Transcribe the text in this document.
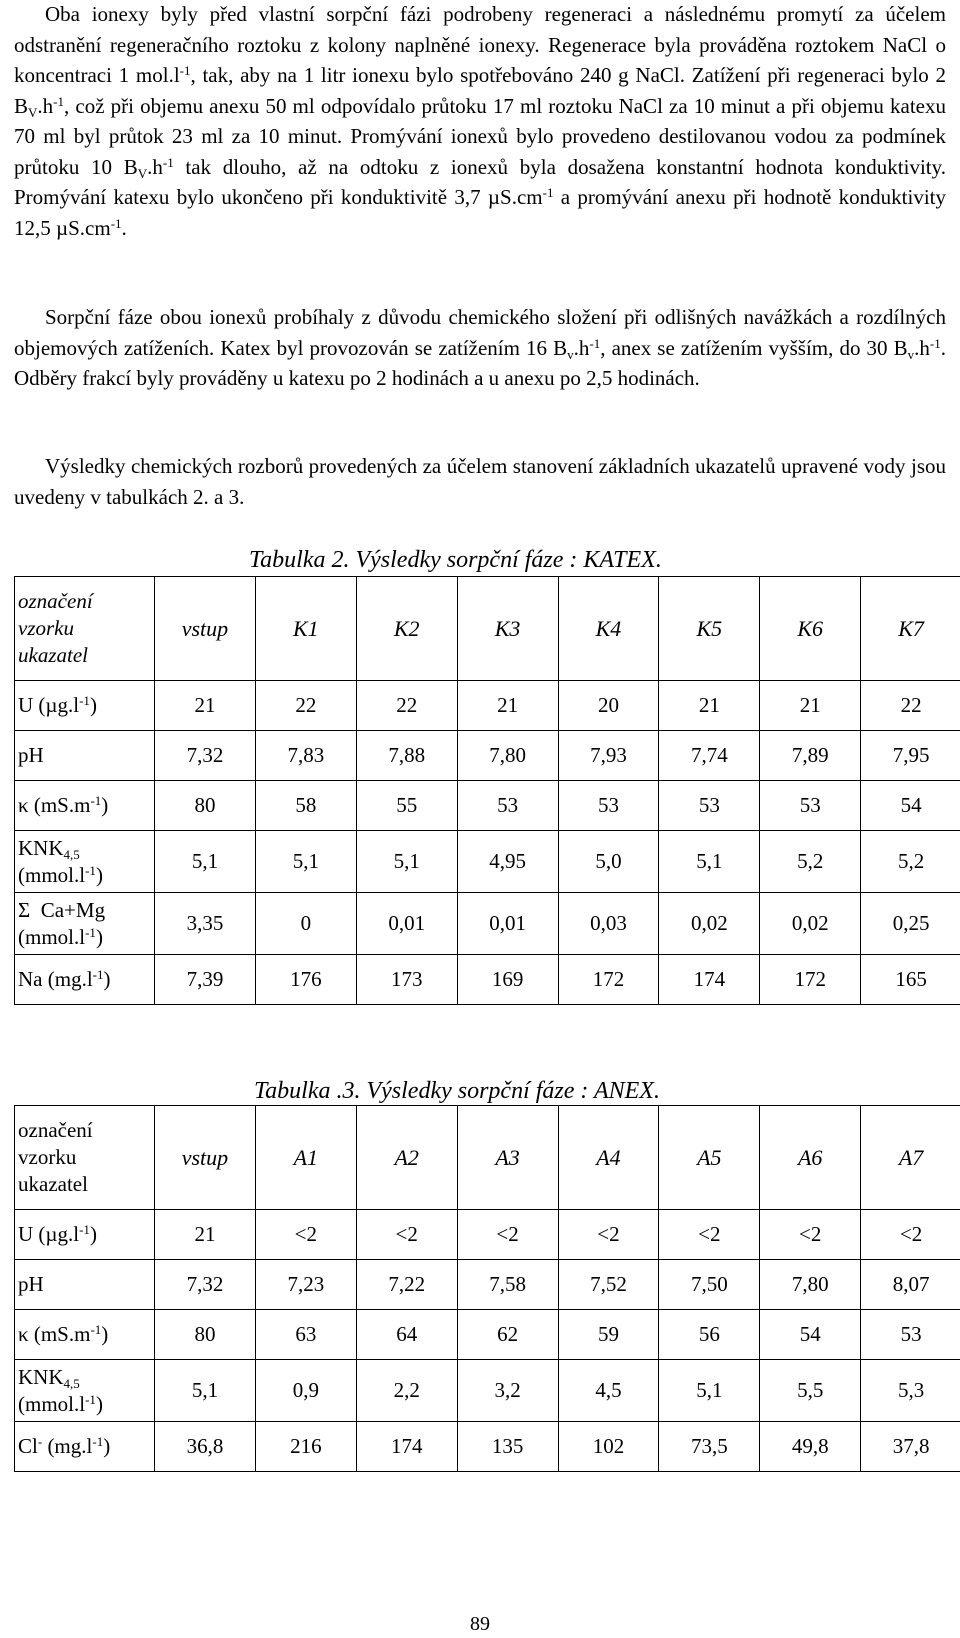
Oba ionexy byly před vlastní sorpční fázi podrobeny regeneraci a následnému promytí za účelem odstranění regeneračního roztoku z kolony naplněné ionexy. Regenerace byla prováděna roztokem NaCl o koncentraci 1 $mol.l^{-1}$, tak, aby na 1 litr ionexu bylo spotřebováno 240 g NaCl. Zatížení při regeneraci bylo 2 $B_V.h^{-1}$, což při objemu anexu 50 ml odpovídalo průtoku 17 ml roztoku NaCl za 10 minut a při objemu katexu 70 ml byl průtok 23 ml za 10 minut. Promývání ionexů bylo provedeno destilovanou vodou za podmínek průtoku 10 $B_V.h^{-1}$ tak dlouho, až na odtoku z ionexů byla dosažena konstantní hodnota konduktivity. Promývání katexu bylo ukončeno při konduktivitě 3,7 $\mu S.cm^{-1}$ a promývání anexu při hodnotě konduktivity 12,5 $\mu S.cm^{-1}$.

Sorpční fáze obou ionexů probíhaly z důvodu chemického složení při odlišných navážkách a rozdílných objemových zatíženích. Katex byl provozován se zatížením 16 $B_v.h^{-1}$, anex se zatížením vyšším, do 30 $B_v.h^{-1}$. Odběry frakcí byly prováděny u katexu po 2 hodinách a u anexu po 2,5 hodinách.

Výsledky chemických rozborů provedených za účelem stanovení základních ukazatelů upravené vody jsou uvedeny v tabulkách 2. a 3.

Tabulka 2. Výsledky sorpční fáze : KATEX.
označení
vzorku
ukazatel	vstup	K1	K2	K3	K4	K5	K6	K7
U $(\mu g.l^{-1})$	21	22	22	21	20	21	21	22
pH	7,32	7,83	7,88	7,80	7,93	7,74	7,89	7,95
κ $(mS.m^{-1})$	80	58	55	53	53	53	53	54

$KNK_{4,5}$
$(mmol.l^{-1})$	5,1	5,1	5,1	4,95	5,0	5,1	5,2	5,2

Σ  Ca+Mg
$(mmol.l^{-1})$	3,35	0	0,01	0,01	0,03	0,02	0,02	0,25
Na $(mg.l^{-1})$	7,39	176	173	169	172	174	172	165
Tabulka .3. Výsledky sorpční fáze : ANEX.
označení
vzorku
ukazatel	vstup	A1	A2	A3	A4	A5	A6	A7
U $(\mu g.l^{-1})$	21	<2	<2	<2	<2	<2	<2	<2
pH	7,32	7,23	7,22	7,58	7,52	7,50	7,80	8,07
κ $(mS.m^{-1})$	80	63	64	62	59	56	54	53

$KNK_{4,5}$
$(mmol.l^{-1})$	5,1	0,9	2,2	3,2	4,5	5,1	5,5	5,3
Cl- $(mg.l^{-1})$	36,8	216	174	135	102	73,5	49,8	37,8
89
